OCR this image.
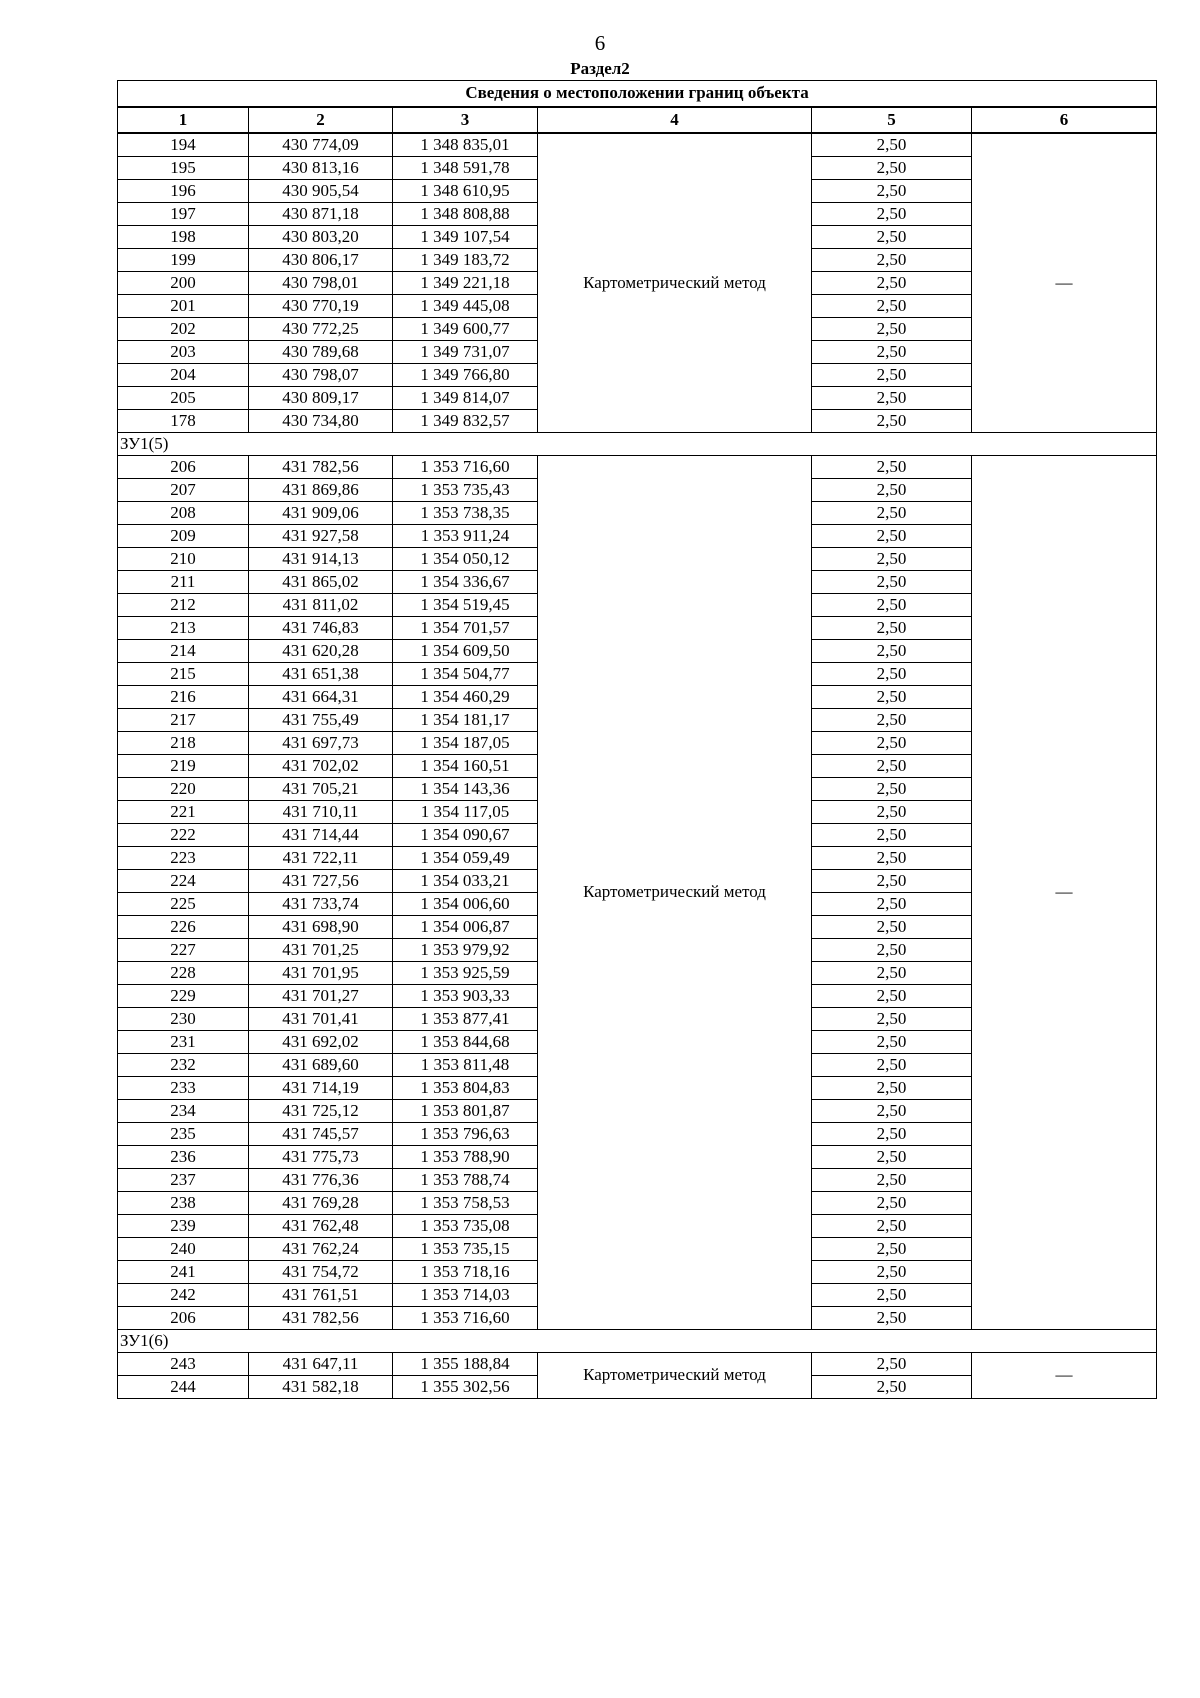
6
Раздел2
Сведения о местоположении границ объекта					
1	2	3	4	5	6
194	430 774,09	1 348 835,01	Картометрический метод	2,50	—
195	430 813,16	1 348 591,78		2,50	
196	430 905,54	1 348 610,95		2,50	
197	430 871,18	1 348 808,88		2,50	
198	430 803,20	1 349 107,54		2,50	
199	430 806,17	1 349 183,72		2,50	
200	430 798,01	1 349 221,18		2,50	
201	430 770,19	1 349 445,08		2,50	
202	430 772,25	1 349 600,77		2,50	
203	430 789,68	1 349 731,07		2,50	
204	430 798,07	1 349 766,80		2,50	
205	430 809,17	1 349 814,07		2,50	
178	430 734,80	1 349 832,57		2,50	
ЗУ1(5)					
206	431 782,56	1 353 716,60	Картометрический метод	2,50	—
207	431 869,86	1 353 735,43		2,50	
208	431 909,06	1 353 738,35		2,50	
209	431 927,58	1 353 911,24		2,50	
210	431 914,13	1 354 050,12		2,50	
211	431 865,02	1 354 336,67		2,50	
212	431 811,02	1 354 519,45		2,50	
213	431 746,83	1 354 701,57		2,50	
214	431 620,28	1 354 609,50		2,50	
215	431 651,38	1 354 504,77		2,50	
216	431 664,31	1 354 460,29		2,50	
217	431 755,49	1 354 181,17		2,50	
218	431 697,73	1 354 187,05		2,50	
219	431 702,02	1 354 160,51		2,50	
220	431 705,21	1 354 143,36		2,50	
221	431 710,11	1 354 117,05		2,50	
222	431 714,44	1 354 090,67		2,50	
223	431 722,11	1 354 059,49		2,50	
224	431 727,56	1 354 033,21		2,50	
225	431 733,74	1 354 006,60		2,50	
226	431 698,90	1 354 006,87		2,50	
227	431 701,25	1 353 979,92		2,50	
228	431 701,95	1 353 925,59		2,50	
229	431 701,27	1 353 903,33		2,50	
230	431 701,41	1 353 877,41		2,50	
231	431 692,02	1 353 844,68		2,50	
232	431 689,60	1 353 811,48		2,50	
233	431 714,19	1 353 804,83		2,50	
234	431 725,12	1 353 801,87		2,50	
235	431 745,57	1 353 796,63		2,50	
236	431 775,73	1 353 788,90		2,50	
237	431 776,36	1 353 788,74		2,50	
238	431 769,28	1 353 758,53		2,50	
239	431 762,48	1 353 735,08		2,50	
240	431 762,24	1 353 735,15		2,50	
241	431 754,72	1 353 718,16		2,50	
242	431 761,51	1 353 714,03		2,50	
206	431 782,56	1 353 716,60		2,50	
ЗУ1(6)					
243	431 647,11	1 355 188,84	Картометрический метод	2,50	—
244	431 582,18	1 355 302,56		2,50	
